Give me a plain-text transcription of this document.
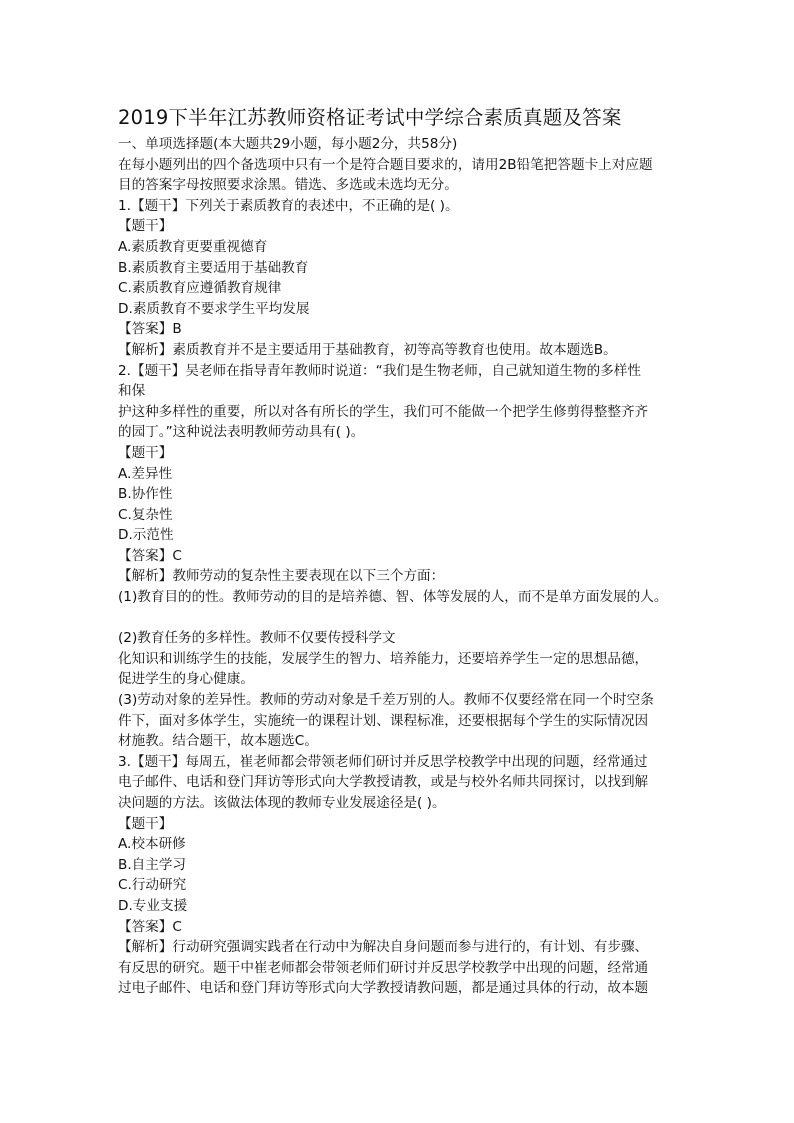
2019下半年江苏教师资格证考试中学综合素质真题及答案
一、单项选择题(本大题共29小题，每小题2分，共58分)
在每小题列出的四个备选项中只有一个是符合题目要求的，请用2B铅笔把答题卡上对应题
目的答案字母按照要求涂黑。错选、多选或未选均无分。
1.【题干】下列关于素质教育的表述中，不正确的是( )。
【题干】
A.素质教育更要重视德育
B.素质教育主要适用于基础教育
C.素质教育应遵循教育规律
D.素质教育不要求学生平均发展
【答案】B
【解析】素质教育并不是主要适用于基础教育，初等高等教育也使用。故本题选B。
2.【题干】吴老师在指导青年教师时说道：“我们是生物老师，自己就知道生物的多样性
和保
护这种多样性的重要，所以对各有所长的学生，我们可不能做一个把学生修剪得整整齐齐
的园丁。”这种说法表明教师劳动具有( )。
【题干】
A.差异性
B.协作性
C.复杂性
D.示范性
【答案】C
【解析】教师劳动的复杂性主要表现在以下三个方面：
(1)教育目的的性。教师劳动的目的是培养德、智、体等发展的人，而不是单方面发展的人。
(2)教育任务的多样性。教师不仅要传授科学文
化知识和训练学生的技能，发展学生的智力、培养能力，还要培养学生一定的思想品德，
促进学生的身心健康。
(3)劳动对象的差异性。教师的劳动对象是千差万别的人。教师不仅要经常在同一个时空条
件下，面对多体学生，实施统一的课程计划、课程标准，还要根据每个学生的实际情况因
材施教。结合题干，故本题选C。
3.【题干】每周五，崔老师都会带领老师们研讨并反思学校教学中出现的问题，经常通过
电子邮件、电话和登门拜访等形式向大学教授请教，或是与校外名师共同探讨，以找到解
决问题的方法。该做法体现的教师专业发展途径是( )。
【题干】
A.校本研修
B.自主学习
C.行动研究
D.专业支援
【答案】C
【解析】行动研究强调实践者在行动中为解决自身问题而参与进行的，有计划、有步骤、
有反思的研究。题干中崔老师都会带领老师们研讨并反思学校教学中出现的问题，经常通
过电子邮件、电话和登门拜访等形式向大学教授请教问题，都是通过具体的行动，故本题
